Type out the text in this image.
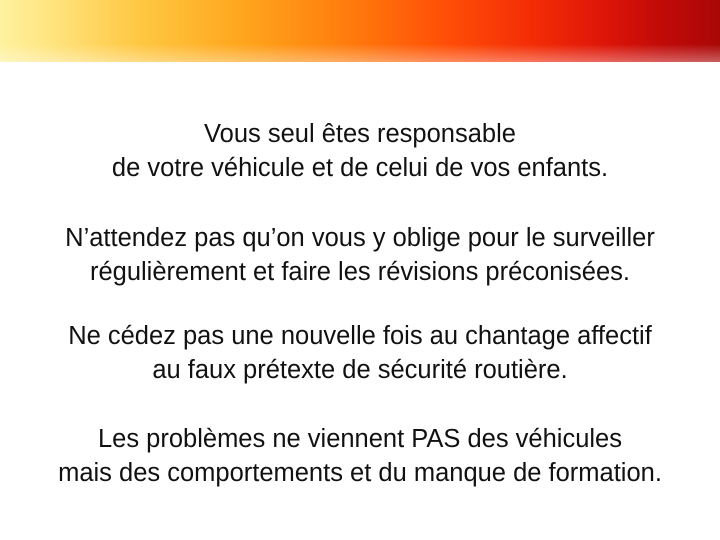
Vous seul êtes responsable
de votre véhicule et de celui de vos enfants.

N’attendez pas qu’on vous y oblige pour le surveiller
régulièrement et faire les révisions préconisées.

Ne cédez pas une nouvelle fois au chantage affectif
au faux prétexte de sécurité routière.

Les problèmes ne viennent PAS des véhicules
mais des comportements et du manque de formation.
